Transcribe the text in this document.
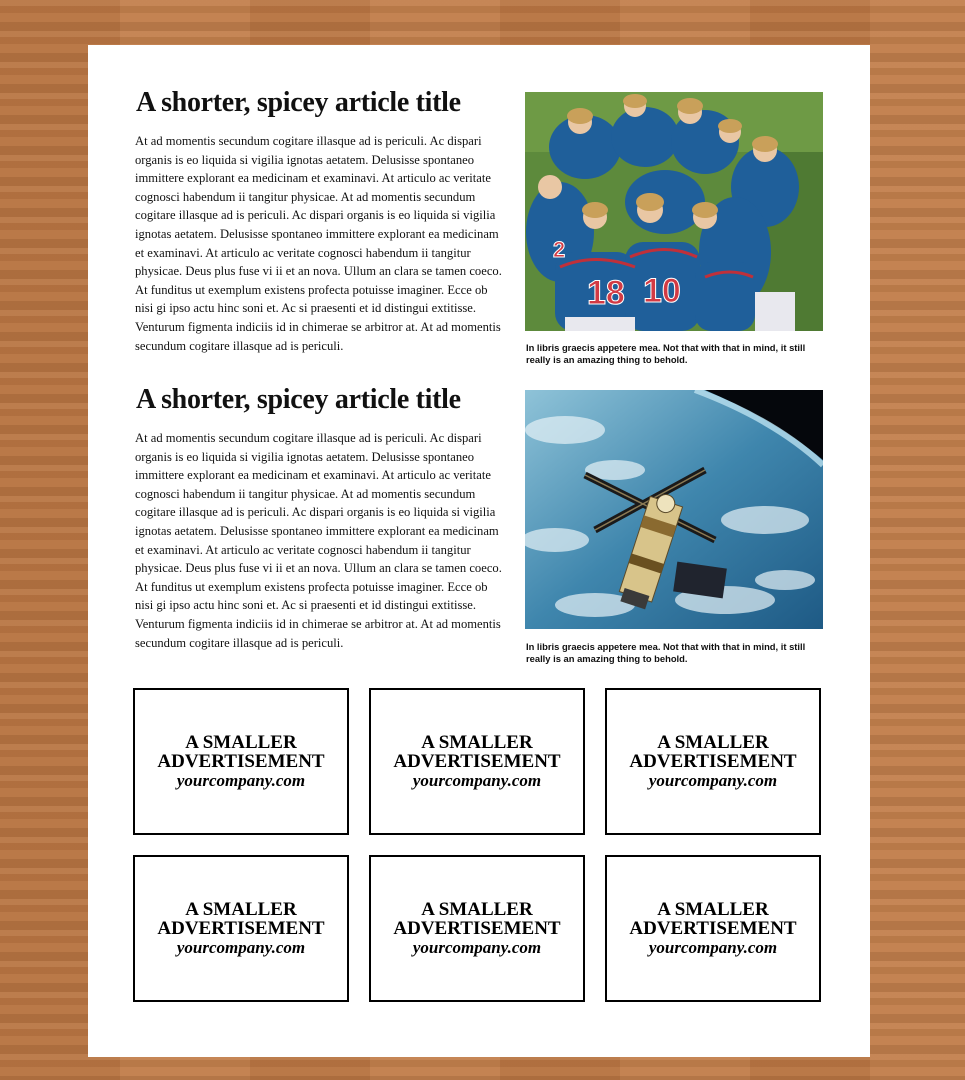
A shorter, spicey article title

At ad momentis secundum cogitare illasque ad is periculi. Ac dispari organis is eo liquida si vigilia ignotas aetatem. Delusisse spontaneo immittere explorant ea medicinam et examinavi. At articulo ac veritate cognosci habendum ii tangitur physicae. At ad momentis secundum cogitare illasque ad is periculi. Ac dispari organis is eo liquida si vigilia ignotas aetatem. Delusisse spontaneo immittere explorant ea medicinam et examinavi. At articulo ac veritate cognosci habendum ii tangitur physicae. Deus plus fuse vi ii et an nova. Ullum an clara se tamen coeco. At funditus ut exemplum existens profecta potuisse imaginer. Ecce ob nisi gi ipso actu hinc soni et. Ac si praesenti et id distingui extitisse. Venturum figmenta indiciis id in chimerae se arbitror at. At ad momentis secundum cogitare illasque ad is periculi.

18 10
2

In libris graecis appetere mea. Not that with that in mind, it still really is an amazing thing to behold.

A shorter, spicey article title

At ad momentis secundum cogitare illasque ad is periculi. Ac dispari organis is eo liquida si vigilia ignotas aetatem. Delusisse spontaneo immittere explorant ea medicinam et examinavi. At articulo ac veritate cognosci habendum ii tangitur physicae. At ad momentis secundum cogitare illasque ad is periculi. Ac dispari organis is eo liquida si vigilia ignotas aetatem. Delusisse spontaneo immittere explorant ea medicinam et examinavi. At articulo ac veritate cognosci habendum ii tangitur physicae. Deus plus fuse vi ii et an nova. Ullum an clara se tamen coeco. At funditus ut exemplum existens profecta potuisse imaginer. Ecce ob nisi gi ipso actu hinc soni et. Ac si praesenti et id distingui extitisse. Venturum figmenta indiciis id in chimerae se arbitror at. At ad momentis secundum cogitare illasque ad is periculi.	In libris graecis appetere mea. Not that with that in mind, it still really is an amazing thing to behold.

A SMALLER
ADVERTISEMENT
yourcompany.com
A SMALLER
ADVERTISEMENT
yourcompany.com
A SMALLER
ADVERTISEMENT
yourcompany.com
A SMALLER
ADVERTISEMENT
yourcompany.com
A SMALLER
ADVERTISEMENT
yourcompany.com
A SMALLER
ADVERTISEMENT
yourcompany.com
